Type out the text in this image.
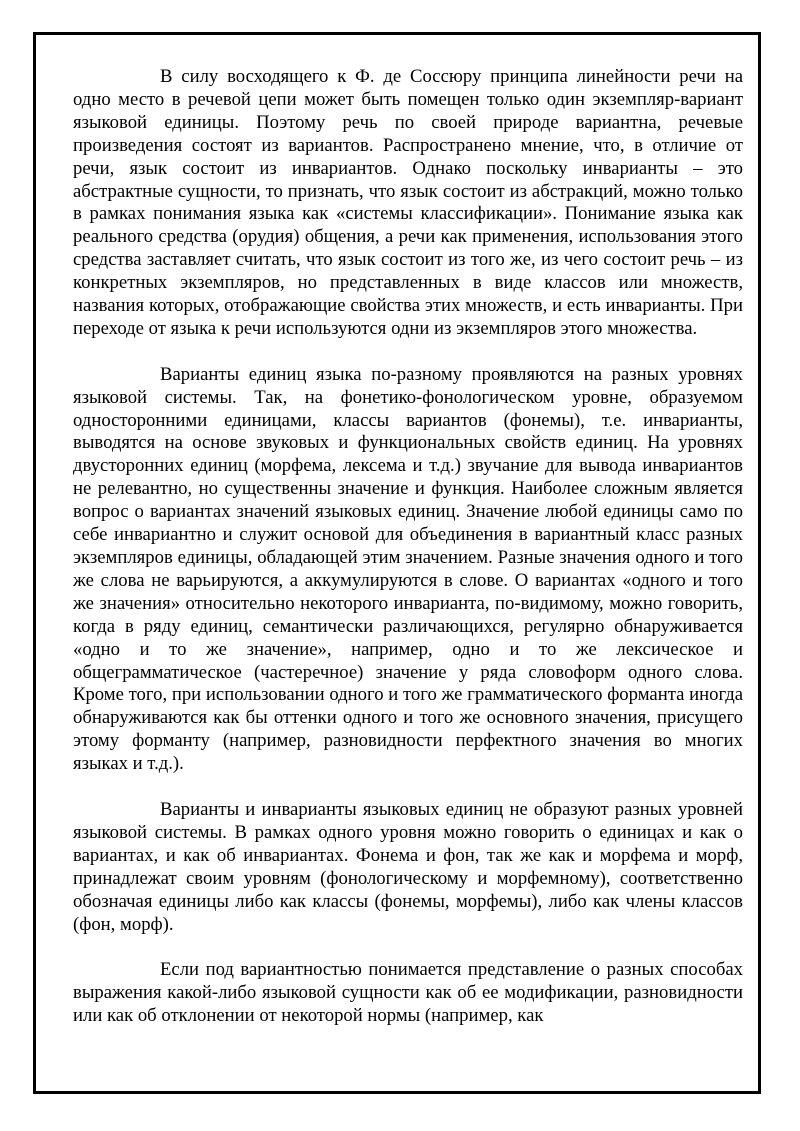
В силу восходящего к Ф. де Соссюру принципа линейности речи на одно место в речевой цепи может быть помещен только один экземпляр-вариант языковой единицы. Поэтому речь по своей природе вариантна, речевые произведения состоят из вариантов. Распространено мнение, что, в отличие от речи, язык состоит из инвариантов. Однако поскольку инварианты – это абстрактные сущности, то признать, что язык состоит из абстракций, можно только в рамках понимания языка как «системы классификации». Понимание языка как реального средства (орудия) общения, а речи как применения, использования этого средства заставляет считать, что язык состоит из того же, из чего состоит речь – из конкретных экземпляров, но представленных в виде классов или множеств, названия которых, отображающие свойства этих множеств, и есть инварианты. При переходе от языка к речи используются одни из экземпляров этого множества.

Варианты единиц языка по-разному проявляются на разных уровнях языковой системы. Так, на фонетико-фонологическом уровне, образуемом односторонними единицами, классы вариантов (фонемы), т.е. инварианты, выводятся на основе звуковых и функциональных свойств единиц. На уровнях двусторонних единиц (морфема, лексема и т.д.) звучание для вывода инвариантов не релевантно, но существенны значение и функция. Наиболее сложным является вопрос о вариантах значений языковых единиц. Значение любой единицы само по себе инвариантно и служит основой для объединения в вариантный класс разных экземпляров единицы, обладающей этим значением. Разные значения одного и того же слова не варьируются, а аккумулируются в слове. О вариантах «одного и того же значения» относительно некоторого инварианта, по-видимому, можно говорить, когда в ряду единиц, семантически различающихся, регулярно обнаруживается «одно и то же значение», например, одно и то же лексическое и общеграмматическое (частеречное) значение у ряда словоформ одного слова. Кроме того, при использовании одного и того же грамматического форманта иногда обнаруживаются как бы оттенки одного и того же основного значения, присущего этому форманту (например, разновидности перфектного значения во многих языках и т.д.).

Варианты и инварианты языковых единиц не образуют разных уровней языковой системы. В рамках одного уровня можно говорить о единицах и как о вариантах, и как об инвариантах. Фонема и фон, так же как и морфема и морф, принадлежат своим уровням (фонологическому и морфемному), соответственно обозначая единицы либо как классы (фонемы, морфемы), либо как члены классов (фон, морф).

Если под вариантностью понимается представление о разных способах выражения какой-либо языковой сущности как об ее модификации, разновидности или как об отклонении от некоторой нормы (например, как
